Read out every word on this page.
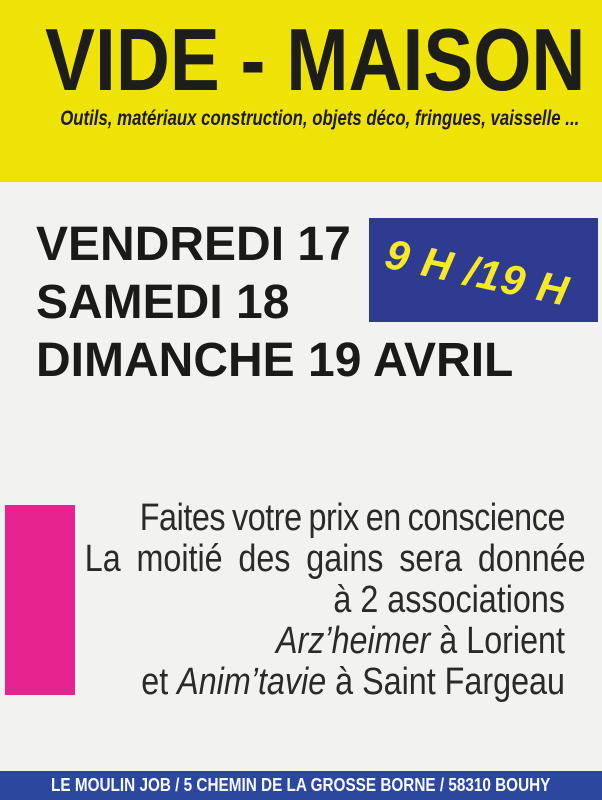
VIDE - MAISON

Outils, matériaux construction, objets déco, fringues, vaisselle ...

VENDREDI 17
SAMEDI 18
DIMANCHE 19 AVRIL
9 H /19 H
Faites votre prix en conscience
La moitié des gains sera donnée
à 2 associations
Arz’heimer à Lorient
et Anim’tavie à Saint Fargeau
LE MOULIN JOB / 5 CHEMIN DE LA GROSSE BORNE / 58310 BOUHY
